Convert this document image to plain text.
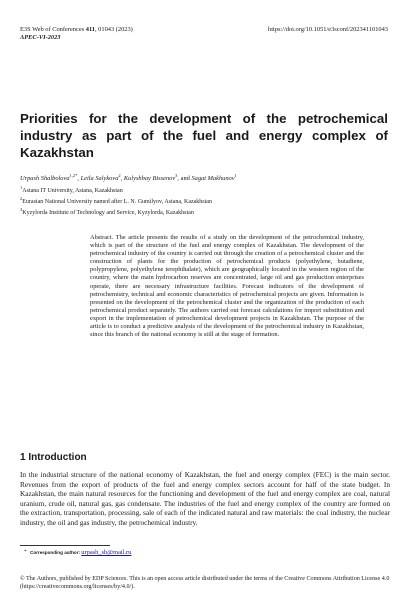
E3S Web of Conferences 411, 01043 (2023)
APEC-VI-2023
https://doi.org/10.1051/e3sconf/202341101043
Priorities for the development of the petrochemical industry as part of the fuel and energy complex of Kazakhstan
Urpash Shalbolova$^{1,2*}$, Leila Salykova$^2$, Kulyshbay Bissenov$^3$, and Sagat Makhunov$^1$
$^1$Astana IT University, Astana, Kazakhstan
$^2$Eurasian National University named after L. N. Gumilyov, Astana, Kazakhstan
$^3$Kyzylorda Institute of Technology and Service, Kyzylorda, Kazakhstan
Abstract. The article presents the results of a study on the development of the petrochemical industry, which is part of the structure of the fuel and energy complex of Kazakhstan. The development of the petrochemical industry of the country is carried out through the creation of a petrochemical cluster and the construction of plants for the production of petrochemical products (polyethylene, butadiene, polypropylene, polyethylene terephthalate), which are geographically located in the western region of the country, where the main hydrocarbon reserves are concentrated, large oil and gas production enterprises operate, there are necessary infrastructure facilities. Forecast indicators of the development of petrochemistry, technical and economic characteristics of petrochemical projects are given. Information is presented on the development of the petrochemical cluster and the organization of the production of each petrochemical product separately. The authors carried out forecast calculations for import substitution and export in the implementation of petrochemical development projects in Kazakhstan. The purpose of the article is to conduct a predictive analysis of the development of the petrochemical industry in Kazakhstan, since this branch of the national economy is still at the stage of formation.
1 Introduction
In the industrial structure of the national economy of Kazakhstan, the fuel and energy complex (FEC) is the main sector. Revenues from the export of products of the fuel and energy complex sectors account for half of the state budget. In Kazakhstan, the main natural resources for the functioning and development of the fuel and energy complex are coal, natural uranium, crude oil, natural gas, gas condensate. The industries of the fuel and energy complex of the country are formed on the extraction, transportation, processing, sale of each of the indicated natural and raw materials: the coal industry, the nuclear industry, the oil and gas industry, the petrochemical industry.
* Corresponding author: urpash_sh@mail.ru
© The Authors, published by EDP Sciences. This is an open access article distributed under the terms of the Creative Commons Attribution License 4.0 (https://creativecommons.org/licenses/by/4.0/).
